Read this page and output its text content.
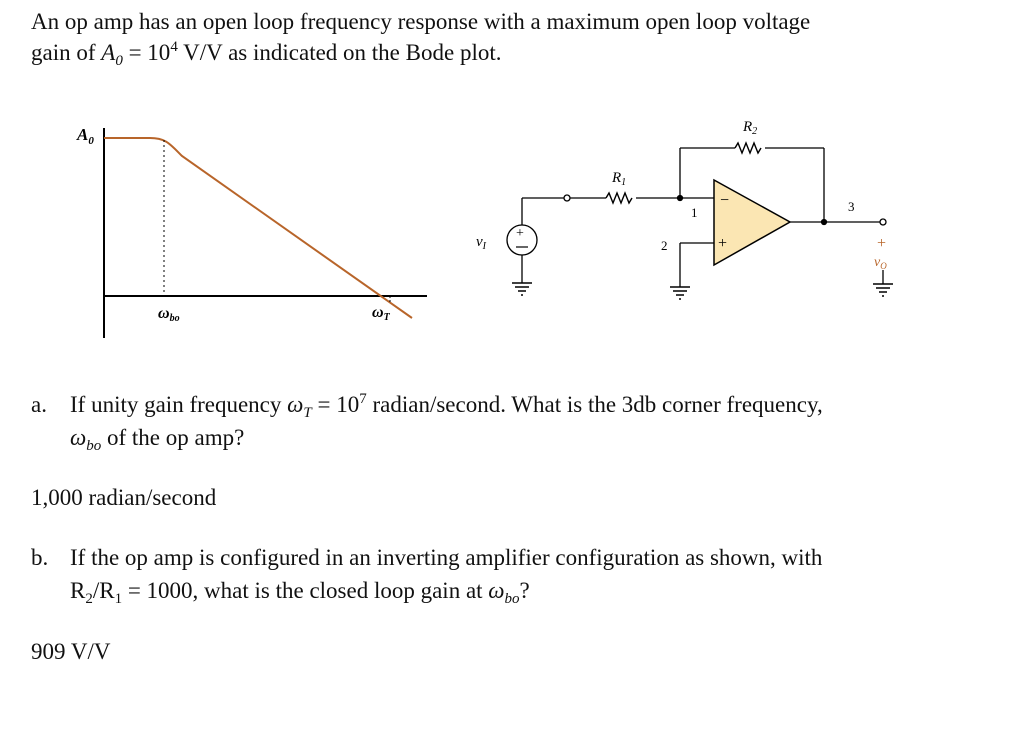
An op amp has an open loop frequency response with a maximum open loop voltage
gain of $A_0 = 10^4$ V/V as indicated on the Bode plot.
$A_0$
ωbo	ωT
+
$v_I$
$R_1$
$R_2$
−
+
1
2
3
+
$v_O$
a. If unity gain frequency $\omega_T = 10^7$ radian/second. What is the 3db corner frequency,
$\omega_{bo}$ of the op amp?
1,000 radian/second
b. If the op amp is configured in an inverting amplifier configuration as shown, with
$R_2/R_1 = 1000$, what is the closed loop gain at $\omega_{bo}$?
909 V/V
